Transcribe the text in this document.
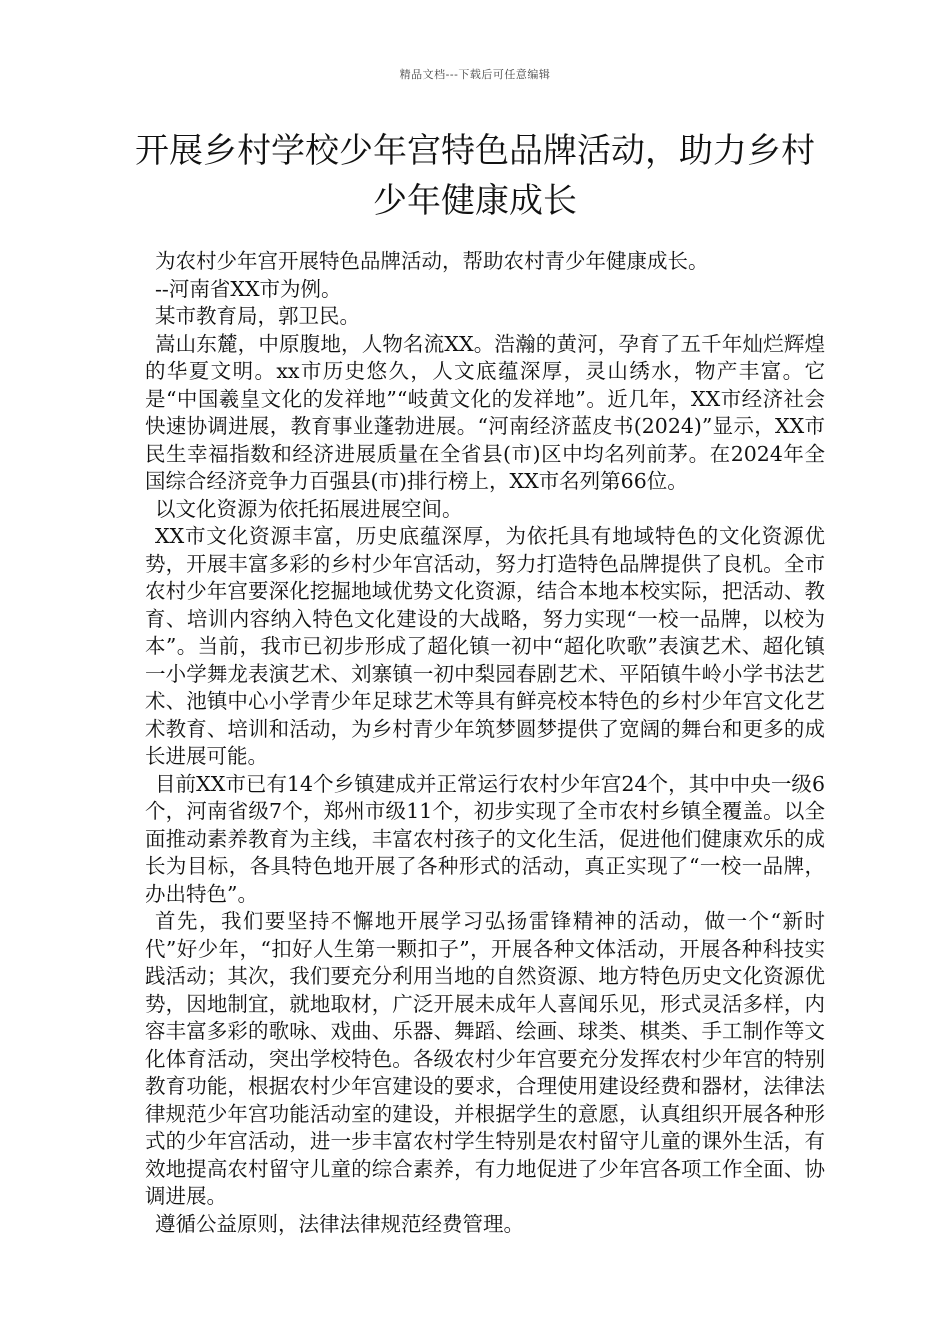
精品文档---下载后可任意编辑
开展乡村学校少年宫特色品牌活动，助力乡村少年健康成长

为农村少年宫开展特色品牌活动，帮助农村青少年健康成长。

--河南省XX市为例。

某市教育局，郭卫民。

嵩山东麓，中原腹地，人物名流XX。浩瀚的黄河，孕育了五千年灿烂辉煌的华夏文明。xx市历史悠久，人文底蕴深厚，灵山绣水，物产丰富。它是“中国羲皇文化的发祥地”“岐黄文化的发祥地”。近几年，XX市经济社会快速协调进展，教育事业蓬勃进展。“河南经济蓝皮书(2024)”显示，XX市民生幸福指数和经济进展质量在全省县(市)区中均名列前茅。在2024年全国综合经济竞争力百强县(市)排行榜上，XX市名列第66位。

以文化资源为依托拓展进展空间。

XX市文化资源丰富，历史底蕴深厚，为依托具有地域特色的文化资源优势，开展丰富多彩的乡村少年宫活动，努力打造特色品牌提供了良机。全市农村少年宫要深化挖掘地域优势文化资源，结合本地本校实际，把活动、教育、培训内容纳入特色文化建设的大战略，努力实现“一校一品牌，以校为本”。当前，我市已初步形成了超化镇一初中“超化吹歌”表演艺术、超化镇一小学舞龙表演艺术、刘寨镇一初中梨园春剧艺术、平陌镇牛岭小学书法艺术、池镇中心小学青少年足球艺术等具有鲜亮校本特色的乡村少年宫文化艺术教育、培训和活动，为乡村青少年筑梦圆梦提供了宽阔的舞台和更多的成长进展可能。

目前XX市已有14个乡镇建成并正常运行农村少年宫24个，其中中央一级6个，河南省级7个，郑州市级11个，初步实现了全市农村乡镇全覆盖。以全面推动素养教育为主线，丰富农村孩子的文化生活，促进他们健康欢乐的成长为目标，各具特色地开展了各种形式的活动，真正实现了“一校一品牌，办出特色”。

首先，我们要坚持不懈地开展学习弘扬雷锋精神的活动，做一个“新时代”好少年，“扣好人生第一颗扣子”，开展各种文体活动，开展各种科技实践活动；其次，我们要充分利用当地的自然资源、地方特色历史文化资源优势，因地制宜，就地取材，广泛开展未成年人喜闻乐见，形式灵活多样，内容丰富多彩的歌咏、戏曲、乐器、舞蹈、绘画、球类、棋类、手工制作等文化体育活动，突出学校特色。各级农村少年宫要充分发挥农村少年宫的特别教育功能，根据农村少年宫建设的要求，合理使用建设经费和器材，法律法律规范少年宫功能活动室的建设，并根据学生的意愿，认真组织开展各种形式的少年宫活动，进一步丰富农村学生特别是农村留守儿童的课外生活，有效地提高农村留守儿童的综合素养，有力地促进了少年宫各项工作全面、协调进展。

遵循公益原则，法律法律规范经费管理。
